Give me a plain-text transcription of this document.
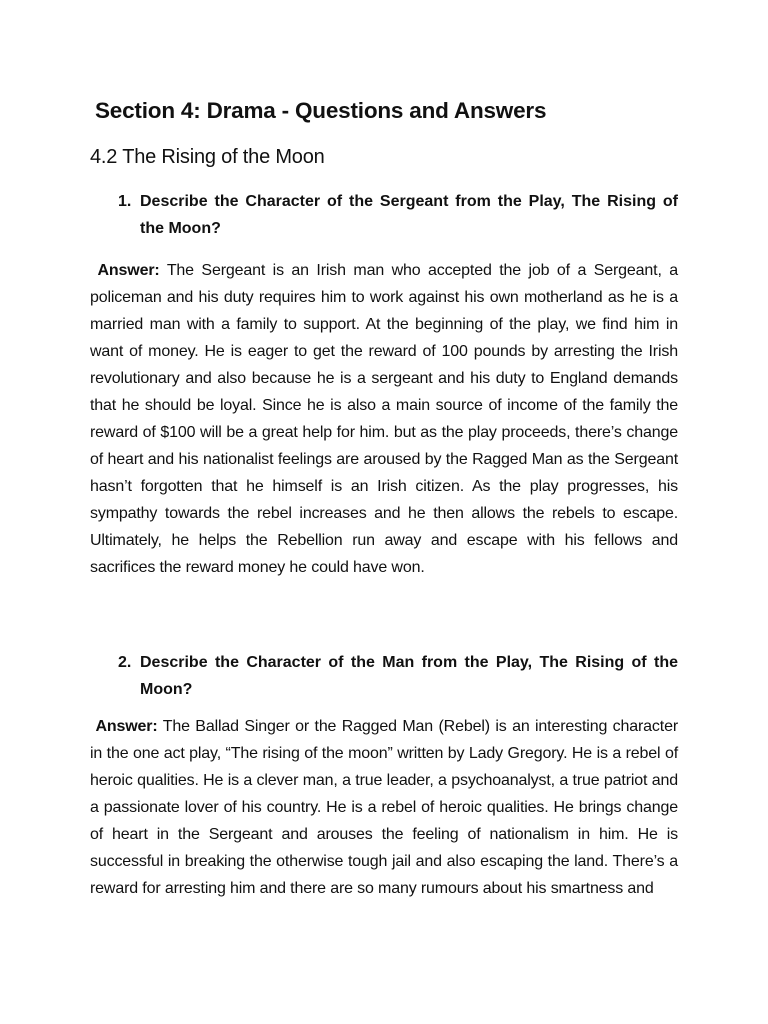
Section 4: Drama - Questions and Answers
4.2 The Rising of the Moon
1. Describe the Character of the Sergeant from the Play, The Rising of the Moon?

Answer: The Sergeant is an Irish man who accepted the job of a Sergeant, a policeman and his duty requires him to work against his own motherland as he is a married man with a family to support. At the beginning of the play, we find him in want of money. He is eager to get the reward of 100 pounds by arresting the Irish revolutionary and also because he is a sergeant and his duty to England demands that he should be loyal. Since he is also a main source of income of the family the reward of $100 will be a great help for him. but as the play proceeds, there’s change of heart and his nationalist feelings are aroused by the Ragged Man as the Sergeant hasn’t forgotten that he himself is an Irish citizen. As the play progresses, his sympathy towards the rebel increases and he then allows the rebels to escape. Ultimately, he helps the Rebellion run away and escape with his fellows and sacrifices the reward money he could have won.

2. Describe the Character of the Man from the Play, The Rising of the Moon?

Answer: The Ballad Singer or the Ragged Man (Rebel) is an interesting character in the one act play, “The rising of the moon” written by Lady Gregory. He is a rebel of heroic qualities. He is a clever man, a true leader, a psychoanalyst, a true patriot and a passionate lover of his country. He is a rebel of heroic qualities. He brings change of heart in the Sergeant and arouses the feeling of nationalism in him. He is successful in breaking the otherwise tough jail and also escaping the land. There’s a reward for arresting him and there are so many rumours about his smartness and
